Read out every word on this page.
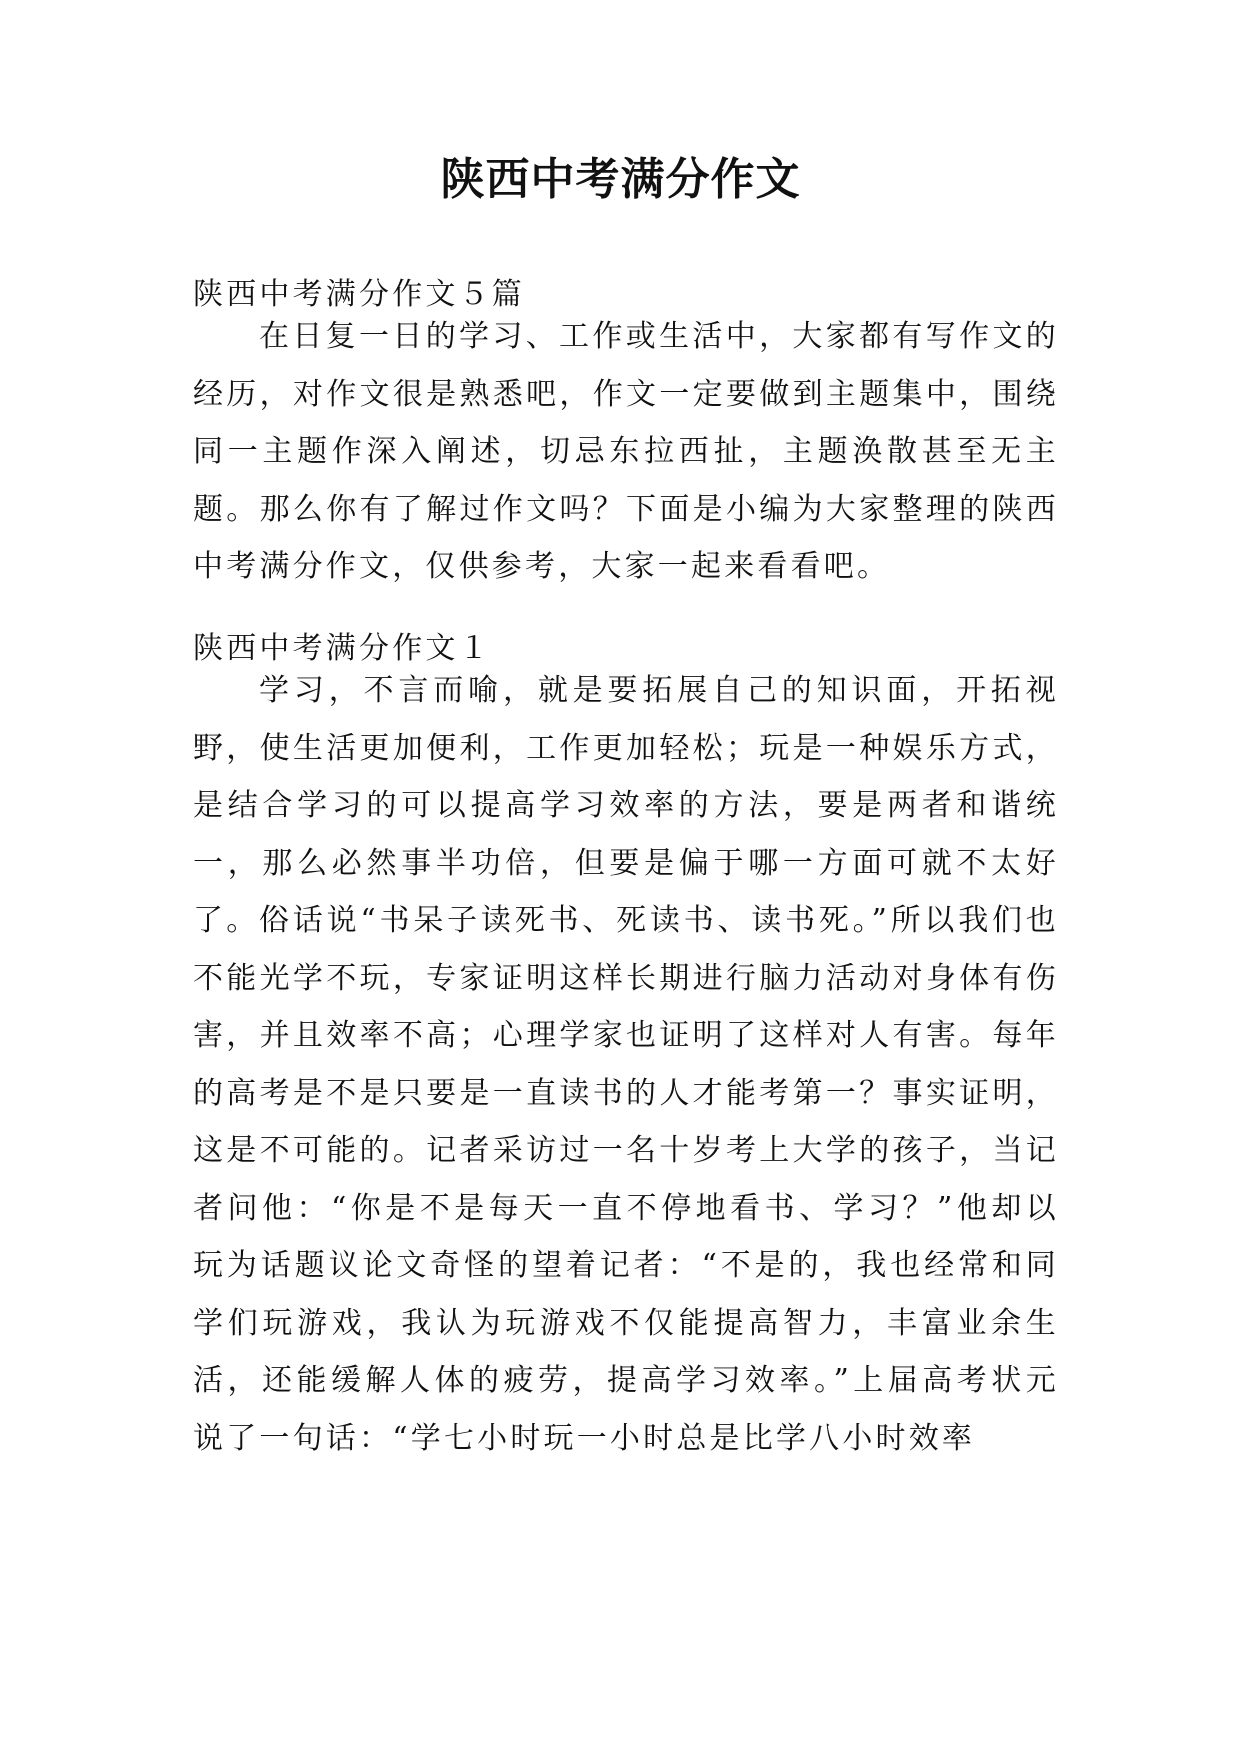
陕西中考满分作文

陕西中考满分作文５篇

在日复一日的学习、工作或生活中，大家都有写作文的经历，对作文很是熟悉吧，作文一定要做到主题集中，围绕同一主题作深入阐述，切忌东拉西扯，主题涣散甚至无主题。那么你有了解过作文吗？下面是小编为大家整理的陕西中考满分作文，仅供参考，大家一起来看看吧。

陕西中考满分作文１

学习，不言而喻，就是要拓展自己的知识面，开拓视野，使生活更加便利，工作更加轻松；玩是一种娱乐方式，是结合学习的可以提高学习效率的方法，要是两者和谐统一，那么必然事半功倍，但要是偏于哪一方面可就不太好了。 俗话说“书呆子读死书、死读书、读书死。”所以我们也不能光学不玩，专家证明这样长期进行脑力活动对身体有伤害，并且效率不高；心理学家也证明了这样对人有害。每年的高考是不是只要是一直读书的人才能考第一？事实证明，这是不可能的。记者采访过一名十岁考上大学的孩子，当记者问他：“你是不是每天一直不停地看书、学习？”他却以玩为话题议论文奇怪的望着记者：“不是的，我也经常和同学们玩游戏，我认为玩游戏不仅能提高智力，丰富业余生活，还能缓解人体的疲劳，提高学习效率。”上届高考状元说了一句话：“学七小时玩一小时总是比学八小时效率
